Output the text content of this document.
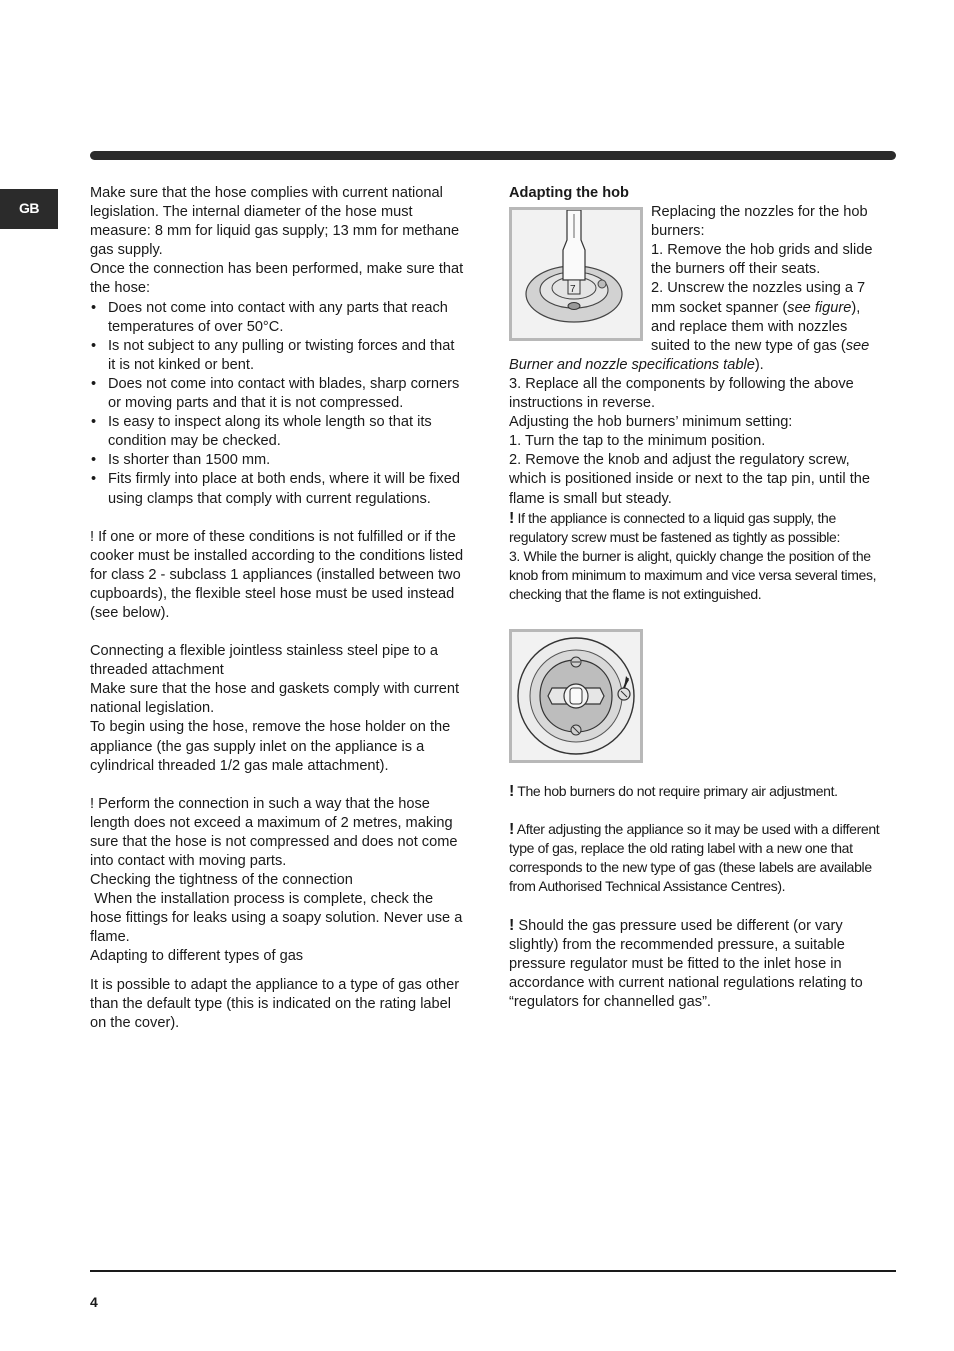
GB

Make sure that the hose complies with current national legislation. The internal diameter of the hose must measure: 8 mm for liquid gas supply; 13 mm for methane gas supply.

Once the connection has been performed, make sure that the hose:

• Does not come into contact with any parts that reach temperatures of over 50°C.
• Is not subject to any pulling or twisting forces and that it is not kinked or bent.
• Does not come into contact with blades, sharp corners or moving parts and that it is not compressed.
• Is easy to inspect along its whole length so that its condition may be checked.
• Is shorter than 1500 mm.
• Fits firmly into place at both ends, where it will be fixed using clamps that comply with current regulations.

! If one or more of these conditions is not fulfilled or if the cooker must be installed according to the conditions listed for class 2 - subclass 1 appliances (installed between two cupboards), the flexible steel hose must be used instead (see below).

Connecting a flexible jointless stainless steel pipe to a threaded attachment

Make sure that the hose and gaskets comply with current national legislation.

To begin using the hose, remove the hose holder on the appliance (the gas supply inlet on the appliance is a cylindrical threaded 1/2 gas male attachment).

! Perform the connection in such a way that the hose length does not exceed a maximum of 2 metres, making sure that the hose is not compressed and does not come into contact with moving parts.

Checking the tightness of the connection

When the installation process is complete, check the hose fittings for leaks using a soapy solution. Never use a flame.

Adapting to different types of gas

It is possible to adapt the appliance to a type of gas other than the default type (this is indicated on the rating label on the cover).

Adapting the hob

7

Replacing the nozzles for the hob burners:

1. Remove the hob grids and slide the burners off their seats.

2. Unscrew the nozzles using a 7 mm socket spanner (see figure), and replace them with nozzles suited to the new type of gas (see Burner and nozzle specifications table).

3. Replace all the components by following the above instructions in reverse.

Adjusting the hob burners’ minimum setting:

1. Turn the tap to the minimum position.

2. Remove the knob and adjust the regulatory screw, which is positioned inside or next to the tap pin, until the flame is small but steady.

! If the appliance is connected to a liquid gas supply, the regulatory screw must be fastened as tightly as possible:

3. While the burner is alight, quickly change the position of the knob from minimum to maximum and vice versa several times, checking that the flame is not extinguished.

! The hob burners do not require primary air adjustment.

! After adjusting the appliance so it may be used with a different type of gas, replace the old rating label with a new one that corresponds to the new type of gas (these labels are available from Authorised Technical Assistance Centres).

! Should the gas pressure used be different (or vary slightly) from the recommended pressure, a suitable pressure regulator must be fitted to the inlet hose in accordance with current national regulations relating to “regulators for channelled gas”.

4
